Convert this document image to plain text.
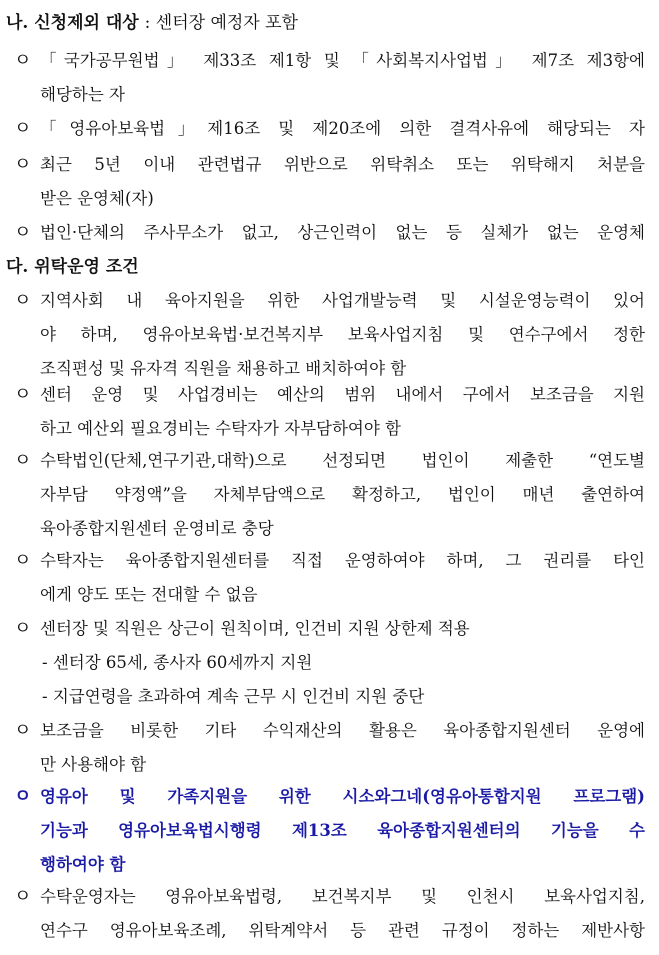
나. 신청제외 대상 : 센터장 예정자 포함
ㅇ 「국가공무원법」 제33조 제1항 및 「사회복지사업법」 제7조 제3항에
해당하는 자
ㅇ 「영유아보육법」제16조 및 제20조에 의한 결격사유에 해당되는 자
ㅇ 최근 5년 이내 관련법규 위반으로 위탁취소 또는 위탁해지 처분을
받은 운영체(자)
ㅇ 법인·단체의 주사무소가 없고, 상근인력이 없는 등 실체가 없는 운영체
다. 위탁운영 조건
ㅇ 지역사회 내 육아지원을 위한 사업개발능력 및 시설운영능력이 있어
야 하며, 영유아보육법·보건복지부 보육사업지침 및 연수구에서 정한
조직편성 및 유자격 직원을 채용하고 배치하여야 함
ㅇ 센터 운영 및 사업경비는 예산의 범위 내에서 구에서 보조금을 지원
하고 예산외 필요경비는 수탁자가 자부담하여야 함
ㅇ 수탁법인(단체,연구기관,대학)으로 선정되면 법인이 제출한 “연도별
자부담 약정액”을 자체부담액으로 확정하고, 법인이 매년 출연하여
육아종합지원센터 운영비로 충당
ㅇ 수탁자는 육아종합지원센터를 직접 운영하여야 하며, 그 권리를 타인
에게 양도 또는 전대할 수 없음
ㅇ 센터장 및 직원은 상근이 원칙이며, 인건비 지원 상한제 적용
- 센터장 65세, 종사자 60세까지 지원
- 지급연령을 초과하여 계속 근무 시 인건비 지원 중단
ㅇ 보조금을 비롯한 기타 수익재산의 활용은 육아종합지원센터 운영에
만 사용해야 함
ㅇ 영유아 및 가족지원을 위한 시소와그네(영유아통합지원 프로그램)
기능과 영유아보육법시행령 제13조 육아종합지원센터의 기능을 수
행하여야 함
ㅇ 수탁운영자는 영유아보육법령, 보건복지부 및 인천시 보육사업지침,
연수구 영유아보육조례, 위탁계약서 등 관련 규정이 정하는 제반사항
